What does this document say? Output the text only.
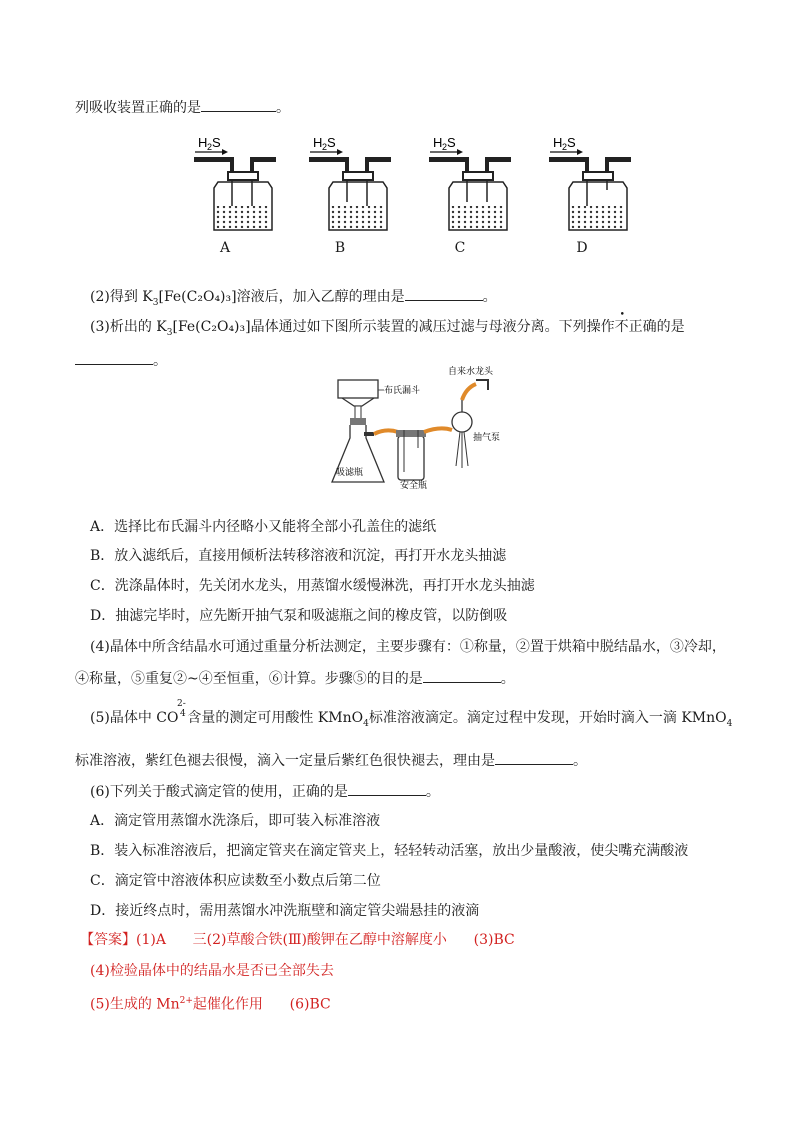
列吸收装置正确的是	。
H 2 S
A
H 2 S
B
H 2 S
C
H 2 S
D
(2)得到 $K_3[Fe(C_2O_4)_3]$溶液后，加入乙醇的理由是	。
(3)析出的 $K_3[Fe(C_2O_4)_3]$晶体通过如下图所示装置的减压过滤与母液分离。下列操作不正确的是
。
布氏漏斗
吸滤瓶
安全瓶
自来水龙头
抽气泵
A．选择比布氏漏斗内径略小又能将全部小孔盖住的滤纸
B．放入滤纸后，直接用倾析法转移溶液和沉淀，再打开水龙头抽滤
C．洗涤晶体时，先关闭水龙头，用蒸馏水缓慢淋洗，再打开水龙头抽滤
D．抽滤完毕时，应先断开抽气泵和吸滤瓶之间的橡皮管，以防倒吸
(4)晶体中所含结晶水可通过重量分析法测定，主要步骤有：①称量，②置于烘箱中脱结晶水，③冷却，
④称量，⑤重复②~④至恒重，⑥计算。步骤⑤的目的是	。
(5)晶体中 CO
2-
4 含量的测定可用酸性 KMnO$_4$标准溶液滴定。滴定过程中发现，开始时滴入一滴 KMnO$_4$
标准溶液，紫红色褪去很慢，滴入一定量后紫红色很快褪去，理由是	。
(6)下列关于酸式滴定管的使用，正确的是	。
A．滴定管用蒸馏水洗涤后，即可装入标准溶液
B．装入标准溶液后，把滴定管夹在滴定管夹上，轻轻转动活塞，放出少量酸液，使尖嘴充满酸液
C．滴定管中溶液体积应读数至小数点后第二位
D．接近终点时，需用蒸馏水冲洗瓶壁和滴定管尖端悬挂的液滴
【答案】(1)A 三(2)草酸合铁(Ⅲ)酸钾在乙醇中溶解度小 (3)BC
(4)检验晶体中的结晶水是否已全部失去
(5)生成的 $Mn^{2+}$起催化作用 (6)BC
